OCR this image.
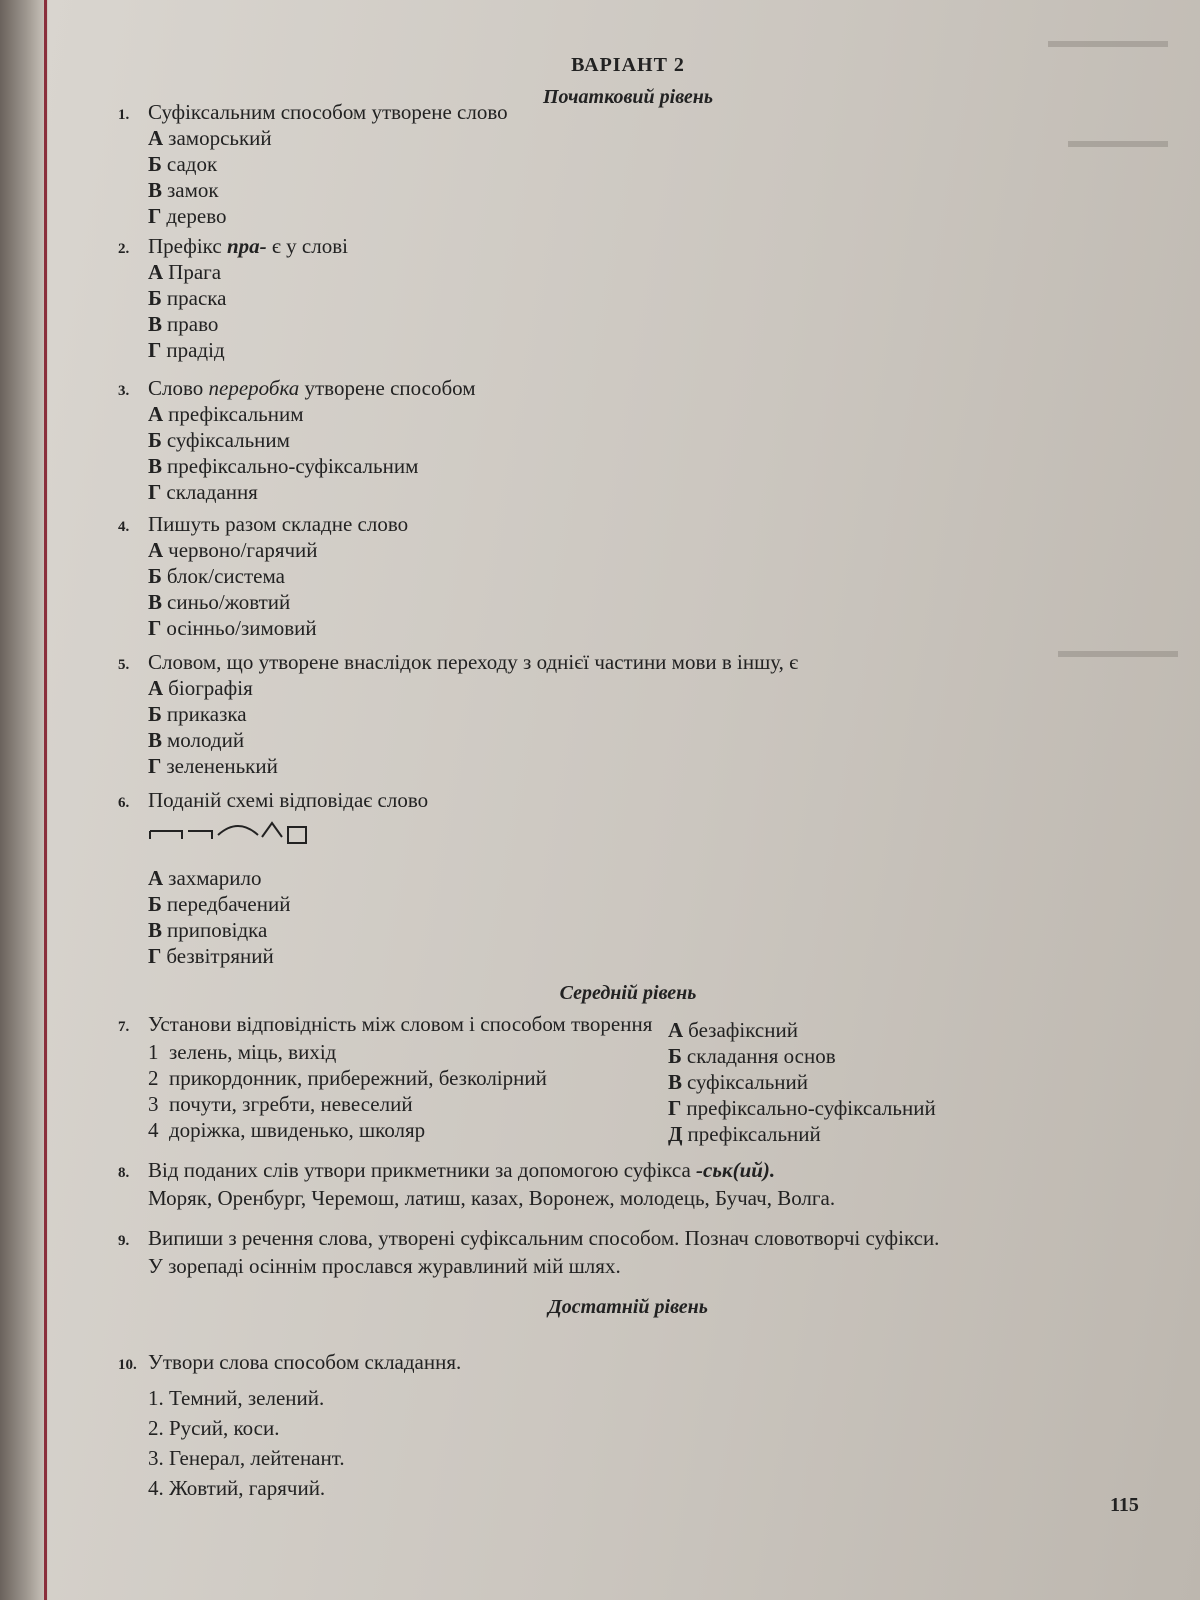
▬▬▬▬▬▬
▬▬▬▬▬
▬▬▬▬▬▬
ВАРІАНТ 2
Початковий рівень
1. Суфіксальним способом утворене слово
А заморський
Б садок
В замок
Г дерево
2. Префікс пра- є у слові
А Прага
Б праска
В право
Г прадід
3. Слово переробка утворене способом
А префіксальним
Б суфіксальним
В префіксально-суфіксальним
Г складання
4. Пишуть разом складне слово
А червоно/гарячий
Б блок/система
В синьо/жовтий
Г осінньо/зимовий
5. Словом, що утворене внаслідок переходу з однієї частини мови в іншу, є
А біографія
Б приказка
В молодий
Г зелененький
6. Поданій схемі відповідає слово
А захмарило
Б передбачений
В приповідка
Г безвітряний
Середній рівень
7. Установи відповідність між словом і способом творення
1 зелень, міць, вихід
2 прикордонник, прибережний, безколірний
3 почути, згребти, невеселий
4 доріжка, швиденько, школяр
А безафіксний
Б складання основ
В суфіксальний
Г префіксально-суфіксальний
Д префіксальний
8. Від поданих слів утвори прикметники за допомогою суфікса -ськ(ий).
Моряк, Оренбург, Черемош, латиш, казах, Воронеж, молодець, Бучач, Волга.
9. Випиши з речення слова, утворені суфіксальним способом. Познач словотворчі суфікси.
У зорепаді осіннім прослався журавлиний мій шлях.
Достатній рівень
10. Утвори слова способом складання.
1. Темний, зелений.
2. Русий, коси.
3. Генерал, лейтенант.
4. Жовтий, гарячий.
115
